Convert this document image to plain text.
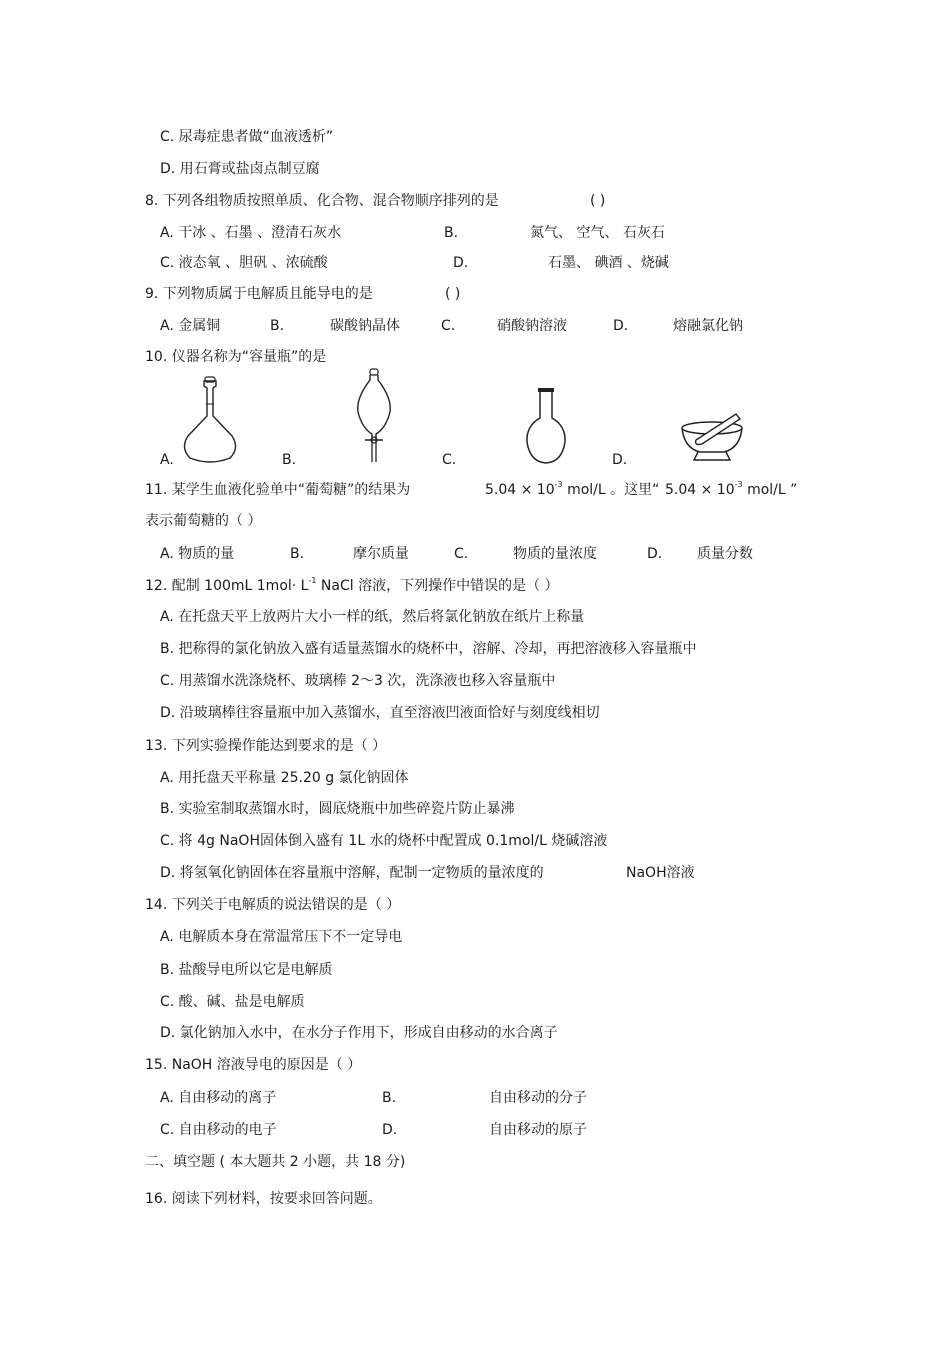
C. 尿毒症患者做“血液透析”
D. 用石膏或盐卤点制豆腐
8. 下列各组物质按照单质、化合物、混合物顺序排列的是	( )
A. 干冰 、石墨 、澄清石灰水	B.	氮气、 空气、 石灰石
C. 液态氧 、胆矾 、浓硫酸	D.	石墨、 碘酒 、烧碱
9. 下列物质属于电解质且能导电的是	( )
A. 金属铜	B.	碳酸钠晶体	C.	硝酸钠溶液	D.	熔融氯化钠
10. 仪器名称为“容量瓶”的是
A.	B.	C.	D.
11. 某学生血液化验单中“葡萄糖”的结果为	$5.04 \times 10^{-3}$ mol/L 。这里“ $5.04 \times 10^{-3}$ mol/L ”
表示葡萄糖的（ ）
A. 物质的量	B.	摩尔质量	C.	物质的量浓度	D. 质量分数
12. 配制 100mL $1mol\cdot L^{-1}$ NaCl 溶液，下列操作中错误的是（ ）
A. 在托盘天平上放两片大小一样的纸，然后将氯化钠放在纸片上称量
B. 把称得的氯化钠放入盛有适量蒸馏水的烧杯中，溶解、冷却，再把溶液移入容量瓶中
C. 用蒸馏水洗涤烧杯、玻璃棒 2～3 次，洗涤液也移入容量瓶中
D. 沿玻璃棒往容量瓶中加入蒸馏水，直至溶液凹液面恰好与刻度线相切
13. 下列实验操作能达到要求的是（ ）
A. 用托盘天平称量 25.20 g 氯化钠固体
B. 实验室制取蒸馏水时，圆底烧瓶中加些碎瓷片防止暴沸
C. 将 4g NaOH固体倒入盛有 1L 水的烧杯中配置成 0.1mol/L 烧碱溶液
D. 将氢氧化钠固体在容量瓶中溶解，配制一定物质的量浓度的	NaOH溶液
14. 下列关于电解质的说法错误的是（ ）
A. 电解质本身在常温常压下不一定导电
B. 盐酸导电所以它是电解质
C. 酸、碱、盐是电解质
D. 氯化钠加入水中，在水分子作用下，形成自由移动的水合离子
15. NaOH 溶液导电的原因是（ ）
A. 自由移动的离子	B.	自由移动的分子
C. 自由移动的电子	D.	自由移动的原子
二、填空题 ( 本大题共 2 小题，共 18 分)
16. 阅读下列材料，按要求回答问题。
